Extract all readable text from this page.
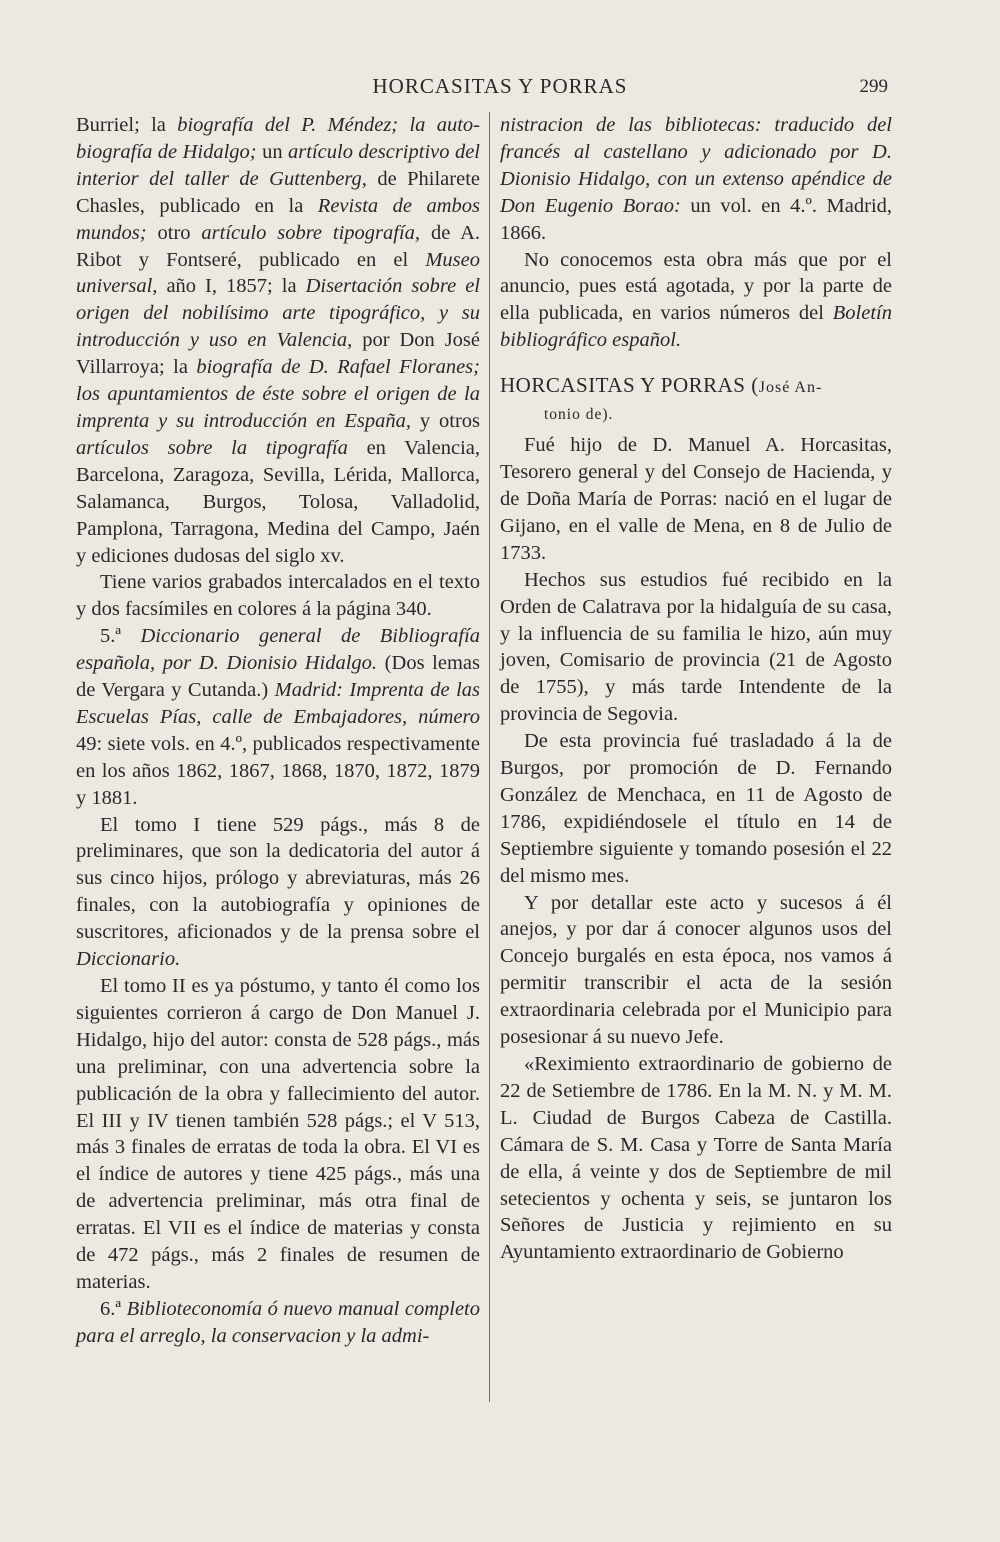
HORCASITAS Y PORRAS	299

Burriel; la biografía del P. Méndez; la auto-biografía de Hidalgo; un artículo descriptivo del interior del taller de Guttenberg, de Philarete Chasles, publicado en la Revista de ambos mundos; otro artículo sobre tipografía, de A. Ribot y Fontseré, publicado en el Museo universal, año I, 1857; la Disertación sobre el origen del nobilísimo arte tipográfico, y su introducción y uso en Valencia, por Don José Villarroya; la biografía de D. Rafael Floranes; los apuntamientos de éste sobre el origen de la imprenta y su introducción en España, y otros artículos sobre la tipografía en Valencia, Barcelona, Zaragoza, Sevilla, Lérida, Mallorca, Salamanca, Burgos, Tolosa, Valladolid, Pamplona, Tarragona, Medina del Campo, Jaén y ediciones dudosas del siglo xv.

Tiene varios grabados intercalados en el texto y dos facsímiles en colores á la página 340.

5.ª Diccionario general de Bibliografía española, por D. Dionisio Hidalgo. (Dos lemas de Vergara y Cutanda.) Madrid: Imprenta de las Escuelas Pías, calle de Embajadores, número 49: siete vols. en 4.º, publicados respectivamente en los años 1862, 1867, 1868, 1870, 1872, 1879 y 1881.

El tomo I tiene 529 págs., más 8 de preliminares, que son la dedicatoria del autor á sus cinco hijos, prólogo y abreviaturas, más 26 finales, con la autobiografía y opiniones de suscritores, aficionados y de la prensa sobre el Diccionario.

El tomo II es ya póstumo, y tanto él como los siguientes corrieron á cargo de Don Manuel J. Hidalgo, hijo del autor: consta de 528 págs., más una preliminar, con una advertencia sobre la publicación de la obra y fallecimiento del autor. El III y IV tienen también 528 págs.; el V 513, más 3 finales de erratas de toda la obra. El VI es el índice de autores y tiene 425 págs., más una de advertencia preliminar, más otra final de erratas. El VII es el índice de materias y consta de 472 págs., más 2 finales de resumen de materias.

6.ª Biblioteconomía ó nuevo manual completo para el arreglo, la conservacion y la admi-

nistracion de las bibliotecas: traducido del francés al castellano y adicionado por D. Dionisio Hidalgo, con un extenso apéndice de Don Eugenio Borao: un vol. en 4.º. Madrid, 1866.

No conocemos esta obra más que por el anuncio, pues está agotada, y por la parte de ella publicada, en varios números del Boletín bibliográfico español.

HORCASITAS Y PORRAS (José An-
tonio de).

Fué hijo de D. Manuel A. Horcasitas, Tesorero general y del Consejo de Hacienda, y de Doña María de Porras: nació en el lugar de Gijano, en el valle de Mena, en 8 de Julio de 1733.

Hechos sus estudios fué recibido en la Orden de Calatrava por la hidalguía de su casa, y la influencia de su familia le hizo, aún muy joven, Comisario de provincia (21 de Agosto de 1755), y más tarde Intendente de la provincia de Segovia.

De esta provincia fué trasladado á la de Burgos, por promoción de D. Fernando González de Menchaca, en 11 de Agosto de 1786, expidiéndosele el título en 14 de Septiembre siguiente y tomando posesión el 22 del mismo mes.

Y por detallar este acto y sucesos á él anejos, y por dar á conocer algunos usos del Concejo burgalés en esta época, nos vamos á permitir transcribir el acta de la sesión extraordinaria celebrada por el Municipio para posesionar á su nuevo Jefe.

«Reximiento extraordinario de gobierno de 22 de Setiembre de 1786. En la M. N. y M. M. L. Ciudad de Burgos Cabeza de Castilla. Cámara de S. M. Casa y Torre de Santa María de ella, á veinte y dos de Septiembre de mil setecientos y ochenta y seis, se juntaron los Señores de Justicia y rejimiento en su Ayuntamiento extraordinario de Gobierno
